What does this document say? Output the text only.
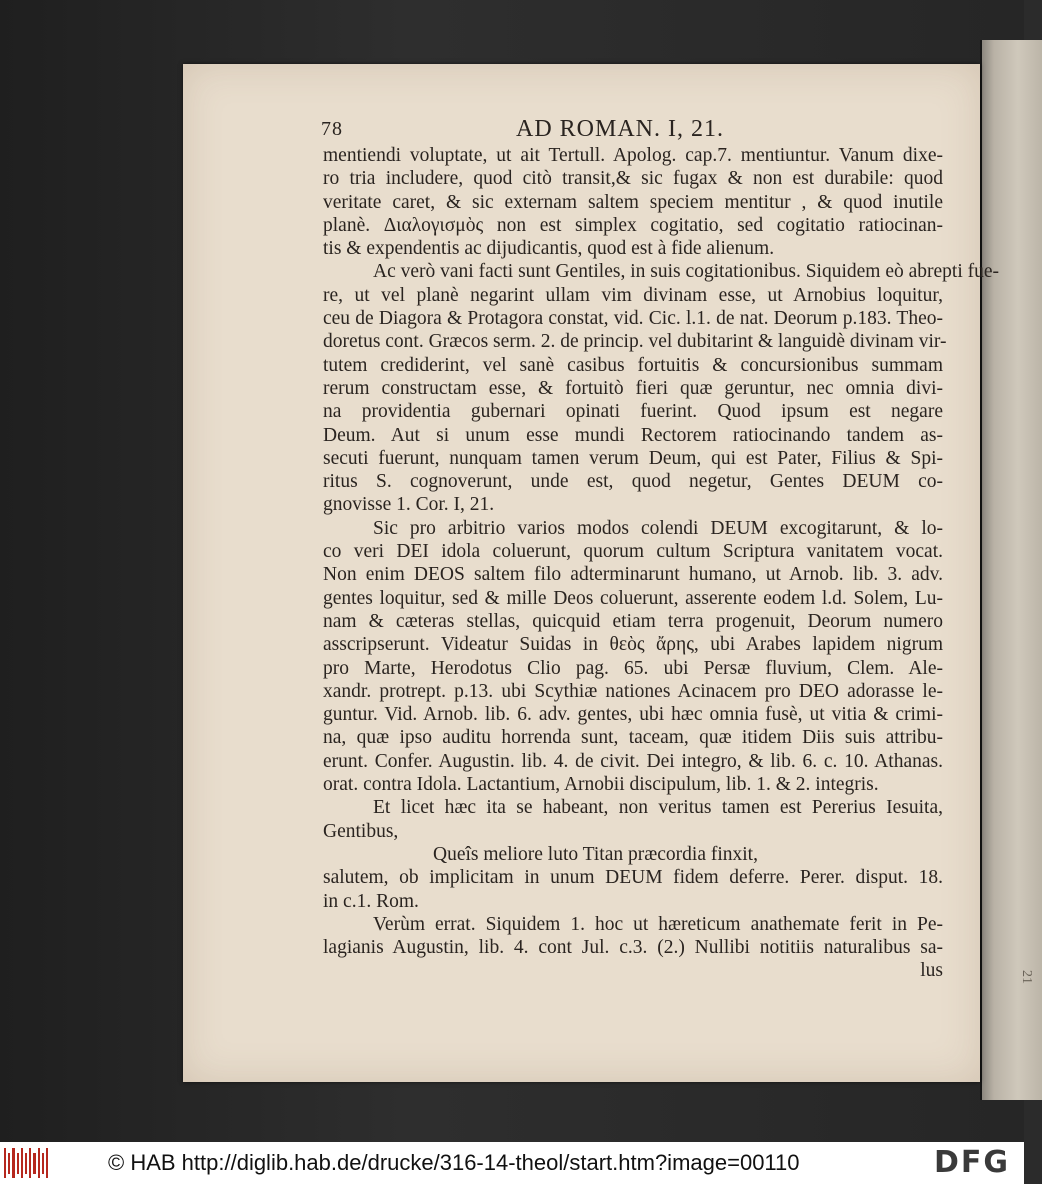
21
78	AD ROMAN. I, 21.
mentiendi voluptate, ut ait Tertull. Apolog. cap.7. mentiuntur. Vanum dixe-
ro tria includere, quod citò transit,& sic fugax & non est durabile: quod
veritate caret, & sic externam saltem speciem mentitur , & quod inutile
planè. Διαλογισμὸς non est simplex cogitatio, sed cogitatio ratiocinan-
tis & expendentis ac dijudicantis, quod est à fide alienum.
Ac verò vani facti sunt Gentiles, in suis cogitationibus. Siquidem eò abrepti fue-
re, ut vel planè negarint ullam vim divinam esse, ut Arnobius loquitur,
ceu de Diagora & Protagora constat, vid. Cic. l.1. de nat. Deorum p.183. Theo-
doretus cont. Græcos serm. 2. de princip. vel dubitarint & languidè divinam vir-
tutem crediderint, vel sanè casibus fortuitis & concursionibus summam
rerum constructam esse, & fortuitò fieri quæ geruntur, nec omnia divi-
na providentia gubernari opinati fuerint. Quod ipsum est negare
Deum. Aut si unum esse mundi Rectorem ratiocinando tandem as-
secuti fuerunt, nunquam tamen verum Deum, qui est Pater, Filius & Spi-
ritus S. cognoverunt, unde est, quod negetur, Gentes DEUM co-
gnovisse 1. Cor. I, 21.
Sic pro arbitrio varios modos colendi DEUM excogitarunt, & lo-
co veri DEI idola coluerunt, quorum cultum Scriptura vanitatem vocat.
Non enim DEOS saltem filo adterminarunt humano, ut Arnob. lib. 3. adv.
gentes loquitur, sed & mille Deos coluerunt, asserente eodem l.d. Solem, Lu-
nam & cæteras stellas, quicquid etiam terra progenuit, Deorum numero
asscripserunt. Videatur Suidas in θεὸς ἄρης, ubi Arabes lapidem nigrum
pro Marte, Herodotus Clio pag. 65. ubi Persæ fluvium, Clem. Ale-
xandr. protrept. p.13. ubi Scythiæ nationes Acinacem pro DEO adorasse le-
guntur. Vid. Arnob. lib. 6. adv. gentes, ubi hæc omnia fusè, ut vitia & crimi-
na, quæ ipso auditu horrenda sunt, taceam, quæ itidem Diis suis attribu-
erunt. Confer. Augustin. lib. 4. de civit. Dei integro, & lib. 6. c. 10. Athanas.
orat. contra Idola. Lactantium, Arnobii discipulum, lib. 1. & 2. integris.
Et licet hæc ita se habeant, non veritus tamen est Pererius Iesuita,
Gentibus,
Queîs meliore luto Titan præcordia finxit,
salutem, ob implicitam in unum DEUM fidem deferre. Perer. disput. 18.
in c.1. Rom.
Verùm errat. Siquidem 1. hoc ut hæreticum anathemate ferit in Pe-
lagianis Augustin, lib. 4. cont Jul. c.3. (2.) Nullibi notitiis naturalibus sa-
lus
© HAB http://diglib.hab.de/drucke/316-14-theol/start.htm?image=00110	DFG
